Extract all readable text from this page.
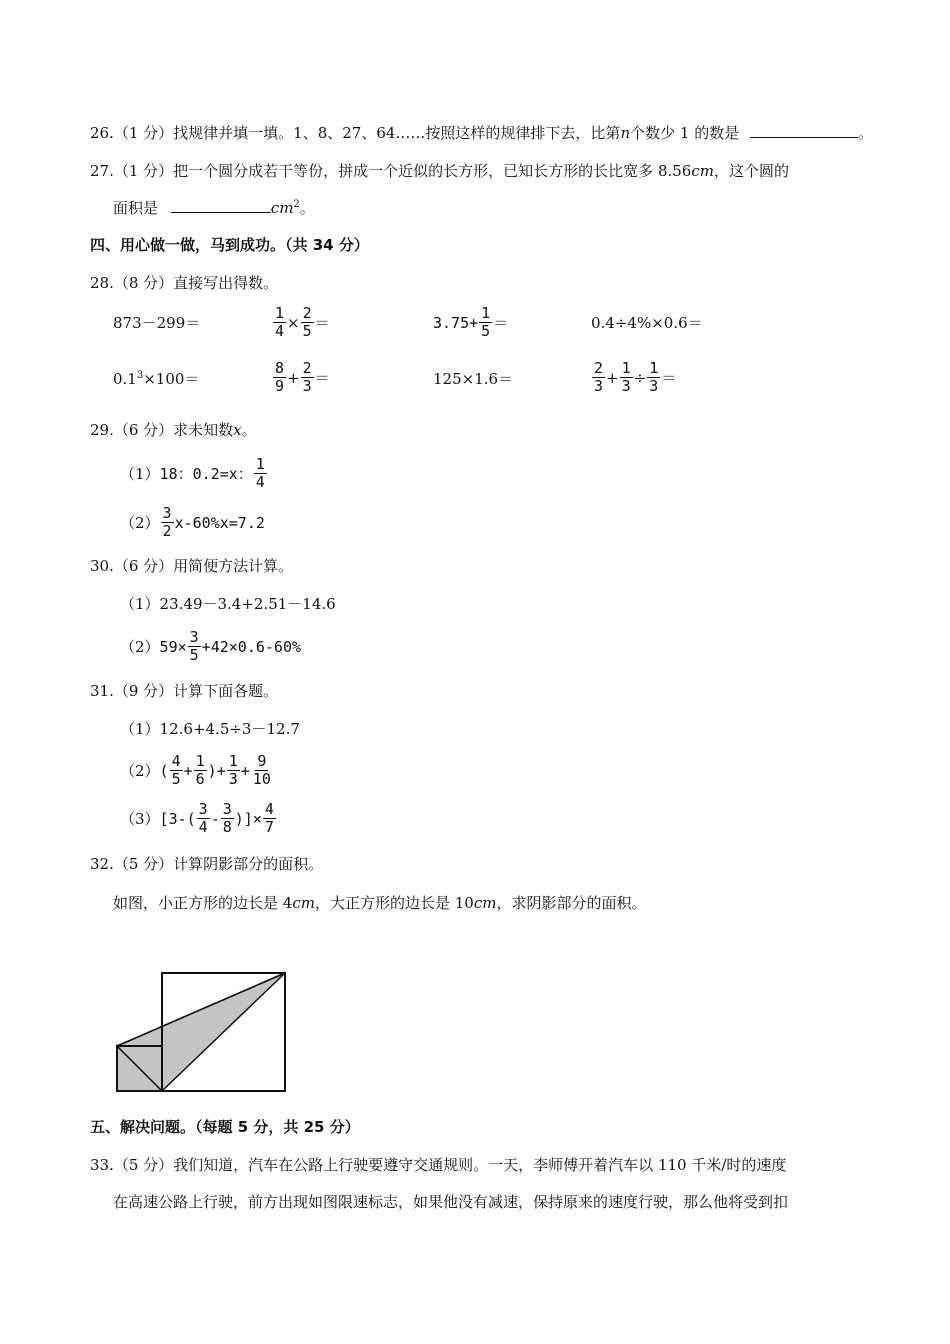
26.（1 分）找规律并填一填。1、8、27、64……按照这样的规律排下去，比第n个数少 1 的数是	。
27.（1 分）把一个圆分成若干等份，拼成一个近似的长方形，已知长方形的长比宽多 8.56cm，这个圆的
面积是	$cm^2$。
四、用心做一做，马到成功。（共 34 分）
28.（8 分）直接写出得数。
873－299＝	$\frac{1}{4} \times \frac{2}{5}$ ＝	$3.75+ \frac{1}{5}$ ＝	0.4÷4%×0.6＝
$0.1^3\times 100=$	$\frac{8}{9} + \frac{2}{3}$ ＝	125×1.6＝	$\frac{2}{3} + \frac{1}{3} \div \frac{1}{3}$ ＝
29.（6 分）求未知数x。
（1） 18：0.2=x： $\frac{1}{4}$
$(2) \frac{3}{2} x-60\%x=7.2$
30.（6 分）用简便方法计算。
（1）23.49－3.4+2.51－14.6
（2） $59\times \frac{3}{5} +42\times 0.6-60\%$
31.（9 分）计算下面各题。
（1）12.6+4.5÷3－12.7
（2） ( $\frac{4}{5} + \frac{1}{6}$ ) + $\frac{1}{3} + \frac{9}{10}$
（3） [$3-( \frac{3}{4} - \frac{3}{8}$ )]× $\frac{4}{7}$
32.（5 分）计算阴影部分的面积。
如图，小正方形的边长是 4cm，大正方形的边长是 10cm，求阴影部分的面积。
五、解决问题。（每题 5 分，共 25 分）
33.（5 分）我们知道，汽车在公路上行驶要遵守交通规则。一天，李师傅开着汽车以 110 千米/时的速度
在高速公路上行驶，前方出现如图限速标志，如果他没有减速，保持原来的速度行驶，那么他将受到扣
